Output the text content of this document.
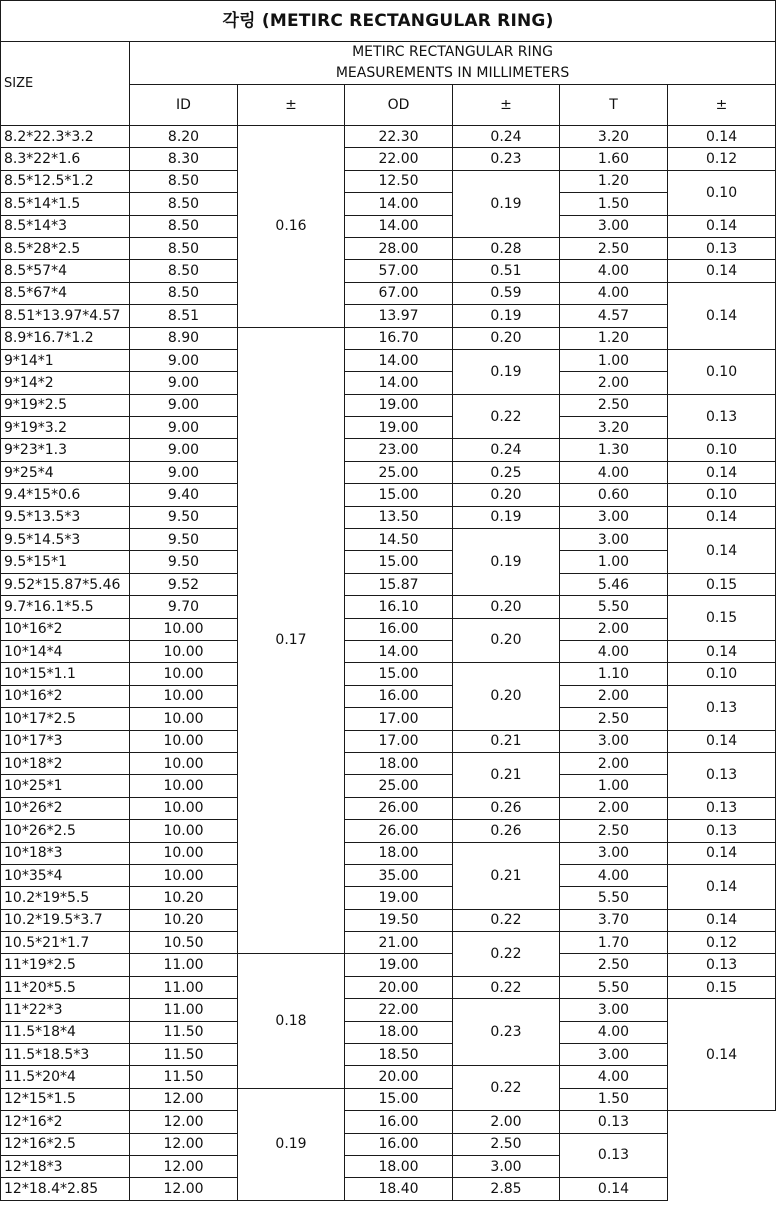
각링 (METIRC RECTANGULAR RING)						
SIZE	METIRC RECTANGULAR RING
MEASUREMENTS IN MILLIMETERS					

	ID	±	OD	±	T	±
8.2*22.3*3.2	8.20	0.16	22.30	0.24	3.20	0.14
8.3*22*1.6	8.30		22.00	0.23	1.60	0.12
8.5*12.5*1.2	8.50		12.50	0.19	1.20	0.10
8.5*14*1.5	8.50		14.00		1.50	
8.5*14*3	8.50		14.00		3.00	0.14
8.5*28*2.5	8.50		28.00	0.28	2.50	0.13
8.5*57*4	8.50		57.00	0.51	4.00	0.14
8.5*67*4	8.50		67.00	0.59	4.00	0.14
8.51*13.97*4.57	8.51		13.97	0.19	4.57	
8.9*16.7*1.2	8.90	0.17	16.70	0.20	1.20	
9*14*1	9.00		14.00	0.19	1.00	0.10
9*14*2	9.00		14.00		2.00	
9*19*2.5	9.00		19.00	0.22	2.50	0.13
9*19*3.2	9.00		19.00		3.20	
9*23*1.3	9.00		23.00	0.24	1.30	0.10
9*25*4	9.00		25.00	0.25	4.00	0.14
9.4*15*0.6	9.40		15.00	0.20	0.60	0.10
9.5*13.5*3	9.50		13.50	0.19	3.00	0.14
9.5*14.5*3	9.50		14.50	0.19	3.00	0.14
9.5*15*1	9.50		15.00		1.00	
9.52*15.87*5.46	9.52		15.87		5.46	0.15
9.7*16.1*5.5	9.70		16.10	0.20	5.50	0.15
10*16*2	10.00		16.00	0.20	2.00	
10*14*4	10.00		14.00		4.00	0.14
10*15*1.1	10.00		15.00	0.20	1.10	0.10
10*16*2	10.00		16.00		2.00	0.13
10*17*2.5	10.00		17.00		2.50	
10*17*3	10.00		17.00	0.21	3.00	0.14
10*18*2	10.00		18.00	0.21	2.00	0.13
10*25*1	10.00		25.00		1.00	
10*26*2	10.00		26.00	0.26	2.00	0.13
10*26*2.5	10.00		26.00	0.26	2.50	0.13
10*18*3	10.00		18.00	0.21	3.00	0.14
10*35*4	10.00		35.00		4.00	0.14
10.2*19*5.5	10.20		19.00		5.50	
10.2*19.5*3.7	10.20		19.50	0.22	3.70	0.14
10.5*21*1.7	10.50		21.00	0.22	1.70	0.12
11*19*2.5	11.00	0.18	19.00		2.50	0.13
11*20*5.5	11.00		20.00	0.22	5.50	0.15
11*22*3	11.00		22.00	0.23	3.00	0.14
11.5*18*4	11.50		18.00		4.00	
11.5*18.5*3	11.50		18.50		3.00	
11.5*20*4	11.50		20.00	0.22	4.00	
12*15*1.5	12.00	0.19	15.00		1.50	
12*16*2	12.00		16.00	2.00	0.13	
12*16*2.5	12.00		16.00	2.50	0.13	
12*18*3	12.00		18.00	3.00		
12*18.4*2.85	12.00		18.40	2.85	0.14	
